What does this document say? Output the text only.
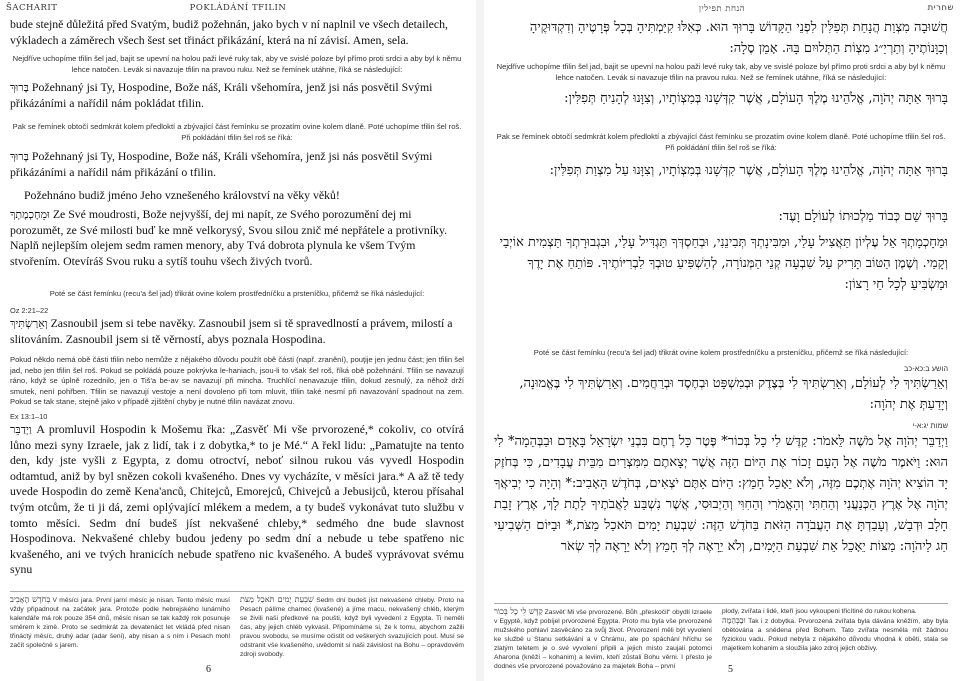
ŠACHARIT	POKLÁDÁNÍ TFILIN
bude stejně důležitá před Svatým, budiž požehnán, jako bych v ní naplnil ve všech detailech, výkladech a záměrech všech šest set třináct přikázání, která na ní závisí. Amen, sela.
Nejdříve uchopíme tfilin šel jad, bajit se upevní na holou paži levé ruky tak, aby ve svislé poloze byl přímo proti srdci a aby byl k němu lehce natočen. Levák si navazuje tfilin na pravou ruku. Než se řemínek utáhne, říká se následující:
בָּרוּךְ Požehnaný jsi Ty, Hospodine, Bože náš, Králi všehomíra, jenž jsi nás posvětil Svými přikázáními a nařídil nám pokládat tfilin.
Pak se řemínek obtočí sedmkrát kolem předloktí a zbývající část řemínku se prozatím ovine kolem dlaně. Poté uchopíme tfilin šel roš. Při pokládání tfilin šel roš se říká:
בָּרוּךְ Požehnaný jsi Ty, Hospodine, Bože náš, Králi všehomíra, jenž jsi nás posvětil Svými přikázáními a nařídil nám přikázání o tfilin.
Požehnáno budiž jméno Jeho vznešeného království na věky věků!
וּמֵחָכְמָתְךָ Ze Své moudrosti, Bože nejvyšší, dej mi napít, ze Svého porozumění dej mi porozumět, ze Své milosti buď ke mně velkorysý, Svou silou znič mé nepřátele a protivníky. Naplň nejlepším olejem sedm ramen menory, aby Tvá dobrota plynula ke všem Tvým stvořením. Otevíráš Svou ruku a sytíš touhu všech živých tvorů.
Poté se část řemínku (recu'a šel jad) třikrát ovine kolem prostředníčku a prsteníčku, přičemž se říká následující:
Oz 2:21–22
וְאֵרַשְׂתִּיךְ Zasnoubil jsem si tebe navěky. Zasnoubil jsem si tě spravedlností a právem, milostí a slitováním. Zasnoubil jsem si tě věrností, abys poznala Hospodina.
Pokud někdo nemá obě části tfilin nebo nemůže z nějakého důvodu použít obě části (např. zranění), pouţije jen jednu část; jen tfilin šel jad, nebo jen tfilin šel roš. Pokud se pokládá pouze pokrývka le-haniach, jsou-li to však šel roš, říká obě požehnání. Tfilin se navazují ráno, když se úplně rozednilo, jen o Tiš'a be-av se navazují při mincha. Truchlící nenavazuje tfilin, dokud zesnulý, za něhož drží smutek, není pohřben. Tfilin se navazují vestoje a není dovoleno při tom mluvit, tfilin také nesmí při navazování spadnout na zem. Pokud se tak stane, stejně jako v případě zjištění chyby je nutné tfilin navázat znovu.
Ex 13:1–10
וַיְדַבֵּר A promluvil Hospodin k Mošemu řka: „Zasvěť Mi vše prvorozené,* cokoliv, co otvírá lůno mezi syny Izraele, jak z lidí, tak i z dobytka,* to je Mé.“ A řekl lidu: „Pamatujte na tento den, kdy jste vyšli z Egypta, z domu otroctví, neboť silnou rukou vás vyvedl Hospodin odtamtud, aniž by byl snězen cokoli kvašeného. Dnes vy vycházíte, v měsíci jara.* A až tě tedy uvede Hospodin do země Kena'anců, Chitejců, Emorejců, Chivejců a Jebusijců, kterou přísahal tvým otcům, že ti ji dá, zemi oplývající mlékem a medem, a ty budeš vykonávat tuto službu v tomto měsíci. Sedm dní budeš jíst nekvašené chleby,* sedmého dne bude slavnost Hospodinova. Nekvašené chleby budou jedeny po sedm dní a nebude u tebe spatřeno nic kvašeného, ani ve tvých hranicích nebude spatřeno nic kvašeného. A budeš vyprávovat svému synu
בְּחֹדֶשׁ הָאָבִיב V měsíci jara. První jarní měsíc je nisan. Tento měsíc musí vždy připadnout na začátek jara. Protože podle hebrejského lunárního kalendáře má rok pouze 354 dnů, měsíc nisan se tak každý rok posunuje směrem k zimě. Proto se sedmkrát za devatenáct let vkládá před nisan třináctý měsíc, druhý adar (adar šeni), aby nisan a s ním i Pesach mohl začít společně s jarem.
שִׁבְעַת יָמִים תֹּאכַל מַצֹּת Sedm dní budeš jíst nekvašené chleby. Proto na Pesach pálíme chamec (kvašené) a jíme macu, nekvašený chléb, kterým se živili naši předkové na poušti, když byli vyvedení z Egypta. Ti neměli čas, aby jejich chléb vykvasil. Připomínáme si, že k tomu, abychom zažili pravou svobodu, se musíme očistit od veškerých svazujících pout. Musí se odstranit vše kvašeného, uvědomit si naši závislost na Bohu – opravdovém zdroji svobody.
6
הנחת תפילין	שחרית
חֲשׁוּבָה מִצְוַת הֲנָחַת תְּפִלִּין לִפְנֵי הַקָּדוֹשׁ בָּרוּךְ הוּא. כְּאִלּוּ קִיַּמְתִּיהָ בְּכָל פְּרָטֶיהָ וְדִקְדּוּקֶיהָ וְכַוָּנוֹתֶיהָ וְתַרְיַ״ג מִצְוֹת הַתְּלוּיִם בָּהּ. אָמֵן סֶלָה:
Nejdříve uchopíme tfilin šel jad, bajit se upevní na holou paži levé ruky tak, aby ve svislé poloze byl přímo proti srdci a aby byl k němu lehce natočen. Levák si navazuje tfilin na pravou ruku. Než se řemínek utáhne, říká se následující:
בָּרוּךְ אַתָּה יְהֹוָה, אֱלֹהֵינוּ מֶלֶךְ הָעוֹלָם, אֲשֶׁר קִדְּשָׁנוּ בְּמִצְוֹתָיו, וְצִוָּנוּ לְהָנִיחַ תְּפִלִּין:
Pak se řemínek obtočí sedmkrát kolem předloktí a zbývající část řemínku se prozatím ovine kolem dlaně. Poté uchopíme tfilin šel roš. Při pokládání tfilin šel roš se říká:
בָּרוּךְ אַתָּה יְהֹוָה, אֱלֹהֵינוּ מֶלֶךְ הָעוֹלָם, אֲשֶׁר קִדְּשָׁנוּ בְּמִצְוֹתָיו, וְצִוָּנוּ עַל מִצְוַת תְּפִלִּין:
בָּרוּךְ שֵׁם כְּבוֹד מַלְכוּתוֹ לְעוֹלָם וָעֶד:
וּמֵחָכְמָתְךָ אֵל עֶלְיוֹן תַּאֲצִיל עָלַי, וּמִבִּינָתְךָ תְּבִינֵנִי, וּבְחַסְדְּךָ תַּגְדִּיל עָלַי, וּבִגְבוּרָתְךָ תַּצְמִית אוֹיְבַי וְקָמַי. וְשֶׁמֶן הַטּוֹב תָּרִיק עַל שִׁבְעָה קְנֵי הַמְּנוֹרָה, לְהַשְׁפִּיעַ טוּבְךָ לִבְרִיּוֹתֶיךָ. פּוֹתֵחַ אֶת יָדֶךָ וּמַשְׂבִּיעַ לְכָל חַי רָצוֹן:
Poté se část řemínku (recu'a šel jad) třikrát ovine kolem prostředníčku a prsteníčku, přičemž se říká následující:
הושע ב:כא-כב
וְאֵרַשְׂתִּיךְ לִי לְעוֹלָם, וְאֵרַשְׂתִּיךְ לִי בְּצֶדֶק וּבְמִשְׁפָּט וּבְחֶסֶד וּבְרַחֲמִים. וְאֵרַשְׂתִּיךְ לִי בֶּאֱמוּנָה, וְיָדַעַתְּ אֶת יְהֹוָה:
שמות יג:א-י
וַיְדַבֵּר יְהֹוָה אֶל מֹשֶׁה לֵּאמֹר: קַדֶּשׁ לִי כָל בְּכוֹר* פֶּטֶר כָּל רֶחֶם בִּבְנֵי יִשְׂרָאֵל בָּאָדָם וּבַבְּהֵמָה* לִי הוּא: וַיֹּאמֶר מֹשֶׁה אֶל הָעָם זָכוֹר אֶת הַיּוֹם הַזֶּה אֲשֶׁר יְצָאתֶם מִמִּצְרַיִם מִבֵּית עֲבָדִים, כִּי בְּחֹזֶק יָד הוֹצִיא יְהֹוָה אֶתְכֶם מִזֶּה, וְלֹא יֵאָכֵל חָמֵץ: הַיּוֹם אַתֶּם יֹצְאִים, בְּחֹדֶשׁ הָאָבִיב:* וְהָיָה כִי יְבִיאֲךָ יְהֹוָה אֶל אֶרֶץ הַכְּנַעֲנִי וְהַחִתִּי וְהָאֱמֹרִי וְהַחִוִּי וְהַיְבוּסִי, אֲשֶׁר נִשְׁבַּע לַאֲבֹתֶיךָ לָתֶת לָךְ, אֶרֶץ זָבַת חָלָב וּדְבָשׁ, וְעָבַדְתָּ אֶת הָעֲבֹדָה הַזֹּאת בַּחֹדֶשׁ הַזֶּה: שִׁבְעַת יָמִים תֹּאכַל מַצֹּת,* וּבַיּוֹם הַשְּׁבִיעִי חַג לַיהֹוָה: מַצּוֹת יֵאָכֵל אֵת שִׁבְעַת הַיָּמִים, וְלֹא יֵרָאֶה לְךָ חָמֵץ וְלֹא יֵרָאֶה לְךָ שְׂאֹר
קַדֶּשׁ לִי כָל בְּכוֹר Zasvěť Mi vše prvorozené. Bůh „přeskočil“ obydlí Izraele v Egyptě, když pobíjel prvorozené Egypta. Proto mu byla vše prvorozené mužského pohlaví zasvěcáno za svůj život. Prvorození měli být vyvolení ke službě u Stanu setkávání a v Chrámu, ale po spáchání hříchu se zlatým teletem je o své vyvolení připili a jejich místo zaujali potomci Aharona (kněží – kohanim) a leviim, kteří zůstali Bohu věrni. I přesto je dodnes vše prvorozené považováno za majetek Boha – první
plody, zvířata i lidé, kteří jsou vykoupeni třicítiné do rukou kohena.
וּבַבְּהֵמָה Tak i z dobytka. Prvorozená zvířata byla dávána kněžím, aby byla obětována a snědena před Bohem. Tato zvířata nesměla mít žádnou fyzickou vadu. Pokud nebyla z nějakého důvodu vhodná k oběti, stala se majetkem kohanim a sloužila jako zdroj jejich obživy.
5
